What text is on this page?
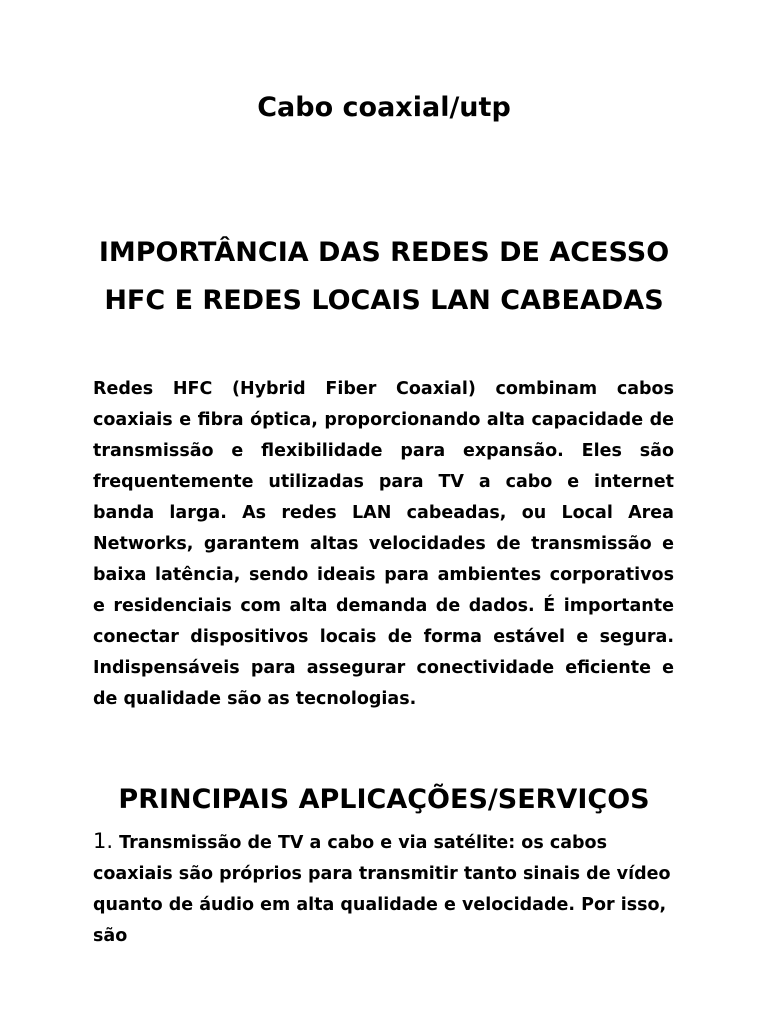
Cabo coaxial/utp
IMPORTÂNCIA DAS REDES DE ACESSO HFC E REDES LOCAIS LAN CABEADAS

Redes HFC (Hybrid Fiber Coaxial) combinam cabos coaxiais e fibra óptica, proporcionando alta capacidade de transmissão e flexibilidade para expansão. Eles são frequentemente utilizadas para TV a cabo e internet banda larga. As redes LAN cabeadas, ou Local Area Networks, garantem altas velocidades de transmissão e baixa latência, sendo ideais para ambientes corporativos e residenciais com alta demanda de dados. É importante conectar dispositivos locais de forma estável e segura. Indispensáveis para assegurar conectividade eficiente e de qualidade são as tecnologias.

PRINCIPAIS APLICAÇÕES/SERVIÇOS

1. Transmissão de TV a cabo e via satélite: os cabos coaxiais são próprios para transmitir tanto sinais de vídeo quanto de áudio em alta qualidade e velocidade. Por isso, são
